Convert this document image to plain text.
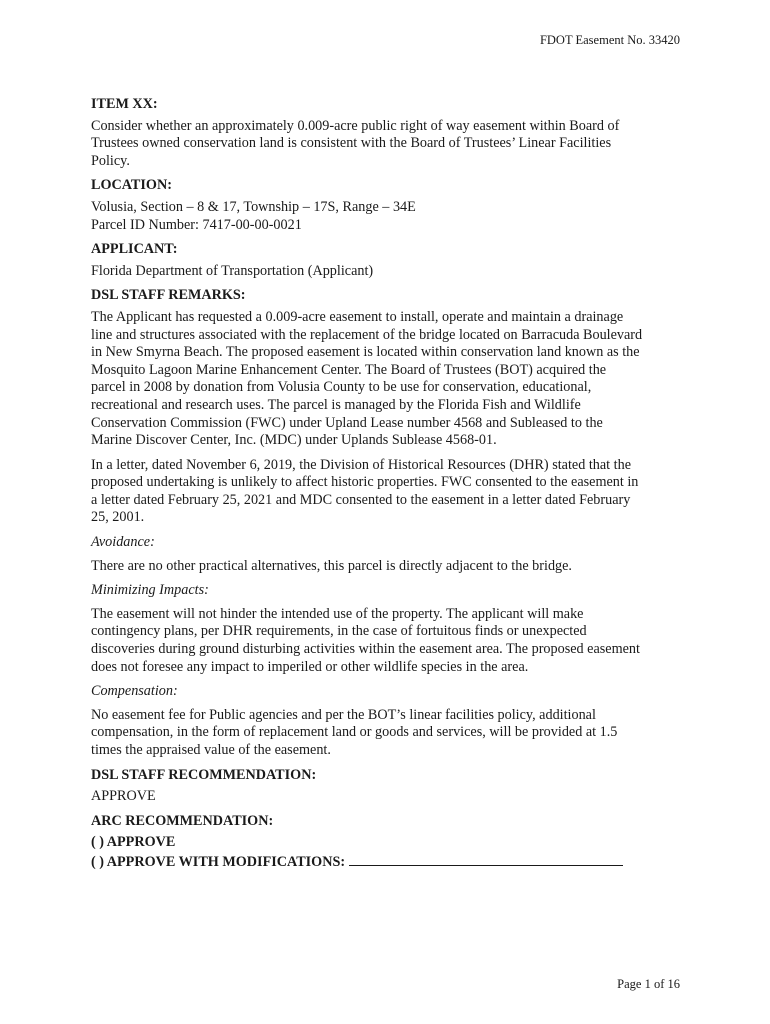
FDOT Easement No. 33420
ITEM XX:
Consider whether an approximately 0.009-acre public right of way easement within Board of
Trustees owned conservation land is consistent with the Board of Trustees’ Linear Facilities
Policy.
LOCATION:
Volusia, Section – 8 & 17, Township – 17S, Range – 34E
Parcel ID Number: 7417-00-00-0021
APPLICANT:
Florida Department of Transportation (Applicant)
DSL STAFF REMARKS:
The Applicant has requested a 0.009-acre easement to install, operate and maintain a drainage
line and structures associated with the replacement of the bridge located on Barracuda Boulevard
in New Smyrna Beach. The proposed easement is located within conservation land known as the
Mosquito Lagoon Marine Enhancement Center. The Board of Trustees (BOT) acquired the
parcel in 2008 by donation from Volusia County to be use for conservation, educational,
recreational and research uses. The parcel is managed by the Florida Fish and Wildlife
Conservation Commission (FWC) under Upland Lease number 4568 and Subleased to the
Marine Discover Center, Inc. (MDC) under Uplands Sublease 4568-01.
In a letter, dated November 6, 2019, the Division of Historical Resources (DHR) stated that the
proposed undertaking is unlikely to affect historic properties. FWC consented to the easement in
a letter dated February 25, 2021 and MDC consented to the easement in a letter dated February
25, 2001.
Avoidance:
There are no other practical alternatives, this parcel is directly adjacent to the bridge.
Minimizing Impacts:
The easement will not hinder the intended use of the property. The applicant will make
contingency plans, per DHR requirements, in the case of fortuitous finds or unexpected
discoveries during ground disturbing activities within the easement area. The proposed easement
does not foresee any impact to imperiled or other wildlife species in the area.
Compensation:
No easement fee for Public agencies and per the BOT’s linear facilities policy, additional
compensation, in the form of replacement land or goods and services, will be provided at 1.5
times the appraised value of the easement.
DSL STAFF RECOMMENDATION:
APPROVE
ARC RECOMMENDATION:
( ) APPROVE
( ) APPROVE WITH MODIFICATIONS:
Page 1 of 16
